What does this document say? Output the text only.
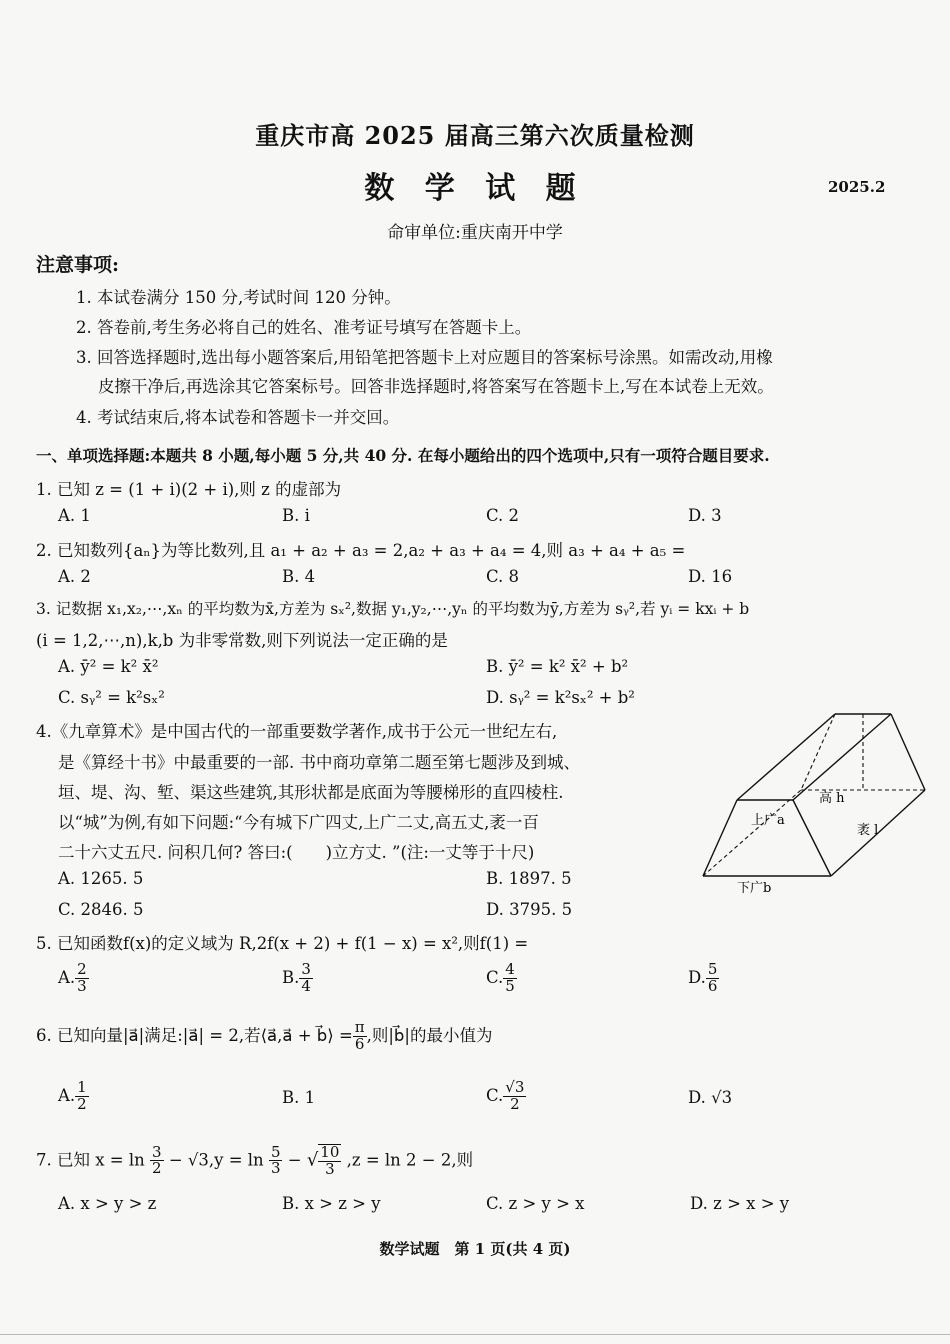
重庆市高 2025 届高三第六次质量检测
数 学 试 题	2025.2
命审单位:重庆南开中学
注意事项:
1. 本试卷满分 150 分,考试时间 120 分钟。
2. 答卷前,考生务必将自己的姓名、准考证号填写在答题卡上。
3. 回答选择题时,选出每小题答案后,用铅笔把答题卡上对应题目的答案标号涂黑。如需改动,用橡
皮擦干净后,再选涂其它答案标号。回答非选择题时,将答案写在答题卡上,写在本试卷上无效。
4. 考试结束后,将本试卷和答题卡一并交回。
一、单项选择题:本题共 8 小题,每小题 5 分,共 40 分. 在每小题给出的四个选项中,只有一项符合题目要求.
1. 已知 z = (1 + i)(2 + i),则 z 的虚部为
A. 1	B. i	C. 2	D. 3
2. 已知数列{aₙ}为等比数列,且 a₁ + a₂ + a₃ = 2,a₂ + a₃ + a₄ = 4,则 a₃ + a₄ + a₅ =
A. 2	B. 4	C. 8	D. 16
3. 记数据 x₁,x₂,⋯,xₙ 的平均数为x̄,方差为 sₓ²,数据 y₁,y₂,⋯,yₙ 的平均数为ȳ,方差为 sᵧ²,若 yᵢ = kxᵢ + b
(i = 1,2,⋯,n),k,b 为非零常数,则下列说法一定正确的是
A. ȳ² = k² x̄²	B. ȳ² = k² x̄² + b²
C. sᵧ² = k²sₓ²	D. sᵧ² = k²sₓ² + b²
4.《九章算术》是中国古代的一部重要数学著作,成书于公元一世纪左右,
是《算经十书》中最重要的一部. 书中商功章第二题至第七题涉及到城、
垣、堤、沟、堑、渠这些建筑,其形状都是底面为等腰梯形的直四棱柱.
以“城”为例,有如下问题:“今有城下广四丈,上广二丈,高五丈,袤一百
二十六丈五尺. 问积几何? 答曰:(　　)立方丈. ”(注:一丈等于十尺)
A. 1265. 5	B. 1897. 5
C. 2846. 5	D. 3795. 5
上广a
高 h
袤 l
下广b
5. 已知函数f(x)的定义域为 R,2f(x + 2) + f(1 − x) = x²,则f(1) =
A. $\frac{2}{3}$	B. $\frac{3}{4}$	C. $\frac{4}{5}$	D. $\frac{5}{6}$
6. 已知向量|a⃗|满足:|a⃗| = 2,若⟨a⃗,a⃗ + b⃗⟩ = $\frac{\pi}{6}$ ,则|b⃗|的最小值为
A. $\frac{1}{2}$	B. 1	C. $\frac{√3}{2}$	D. √3
7. 已知 $x = \ln \frac{3}{2} - √3,y = \ln \frac{5}{3}$ − √ $\frac{10}{3} ,z = \ln 2 - 2$,则
A. x > y > z	B. x > z > y	C. z > y > x	D. z > x > y
数学试题　第 1 页(共 4 页)
